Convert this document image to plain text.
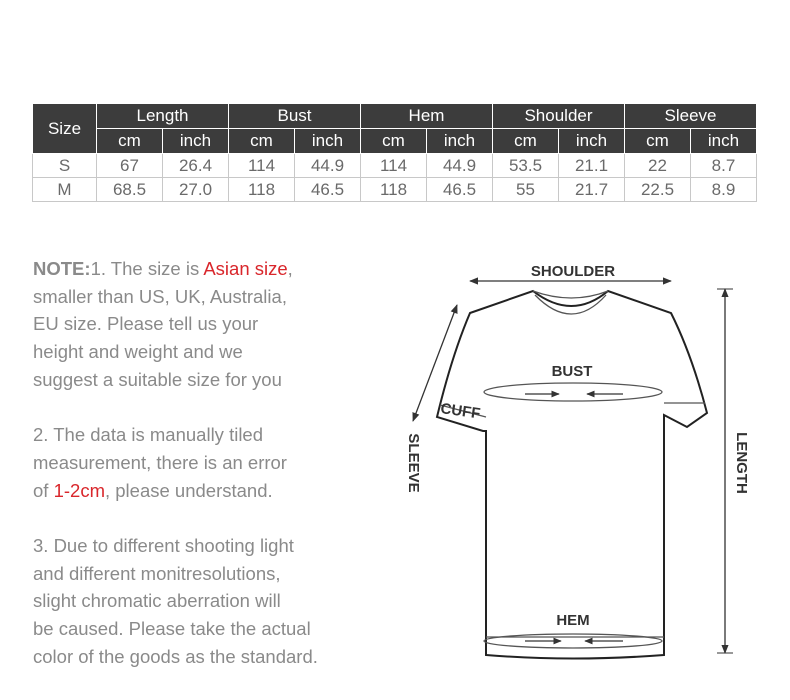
Size	Length		Bust		Hem		Shoulder		Sleeve	
	cm	inch	cm	inch	cm	inch	cm	inch	cm	inch
S	67	26.4	114	44.9	114	44.9	53.5	21.1	22	8.7
M	68.5	27.0	118	46.5	118	46.5	55	21.7	22.5	8.9

NOTE:1. The size is Asian size,
smaller than US, UK, Australia,
EU size. Please tell us your
height and weight and we
suggest a suitable size for you

2. The data is manually tiled
measurement, there is an error
of 1-2cm, please understand.

3. Due to different shooting light
and different monitresolutions,
slight chromatic aberration will
be caused. Please take the actual
color of the goods as the standard.

SHOULDER
BUST
CUFF
SLEEVE	LENGTH
HEM
